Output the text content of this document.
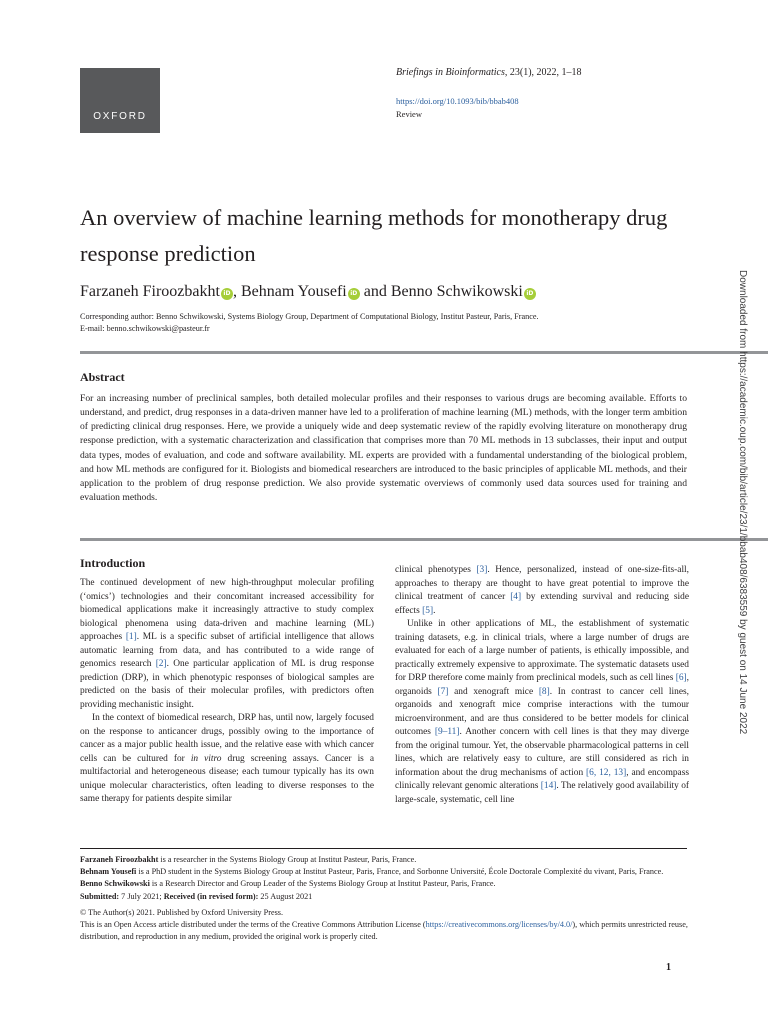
OXFORD
Briefings in Bioinformatics, 23(1), 2022, 1–18
https://doi.org/10.1093/bib/bbab408
Review
An overview of machine learning methods for monotherapy drug response prediction
Farzaneh Firoozbakht iD , Behnam Yousefi iD and Benno Schwikowski iD
Corresponding author: Benno Schwikowski, Systems Biology Group, Department of Computational Biology, Institut Pasteur, Paris, France.
E-mail: benno.schwikowski@pasteur.fr
Abstract

For an increasing number of preclinical samples, both detailed molecular profiles and their responses to various drugs are becoming available. Efforts to understand, and predict, drug responses in a data-driven manner have led to a proliferation of machine learning (ML) methods, with the longer term ambition of predicting clinical drug responses. Here, we provide a uniquely wide and deep systematic review of the rapidly evolving literature on monotherapy drug response prediction, with a systematic characterization and classification that comprises more than 70 ML methods in 13 subclasses, their input and output data types, modes of evaluation, and code and software availability. ML experts are provided with a fundamental understanding of the biological problem, and how ML methods are configured for it. Biologists and biomedical researchers are introduced to the basic principles of applicable ML methods, and their application to the problem of drug response prediction. We also provide systematic overviews of commonly used data sources used for training and evaluation methods.

Introduction

The continued development of new high-throughput molecular profiling (‘omics’) technologies and their concomitant increased accessibility for biomedical applications make it increasingly attractive to study complex biological phenomena using data-driven and machine learning (ML) approaches [1]. ML is a specific subset of artificial intelligence that allows automatic learning from data, and has contributed to a wide range of genomics research [2]. One particular application of ML is drug response prediction (DRP), in which phenotypic responses of biological samples are predicted on the basis of their molecular profiles, with predictors often providing mechanistic insight.

In the context of biomedical research, DRP has, until now, largely focused on the response to anticancer drugs, possibly owing to the importance of cancer as a major public health issue, and the relative ease with which cancer cells can be cultured for in vitro drug screening assays. Cancer is a multifactorial and heterogeneous disease; each tumour typically has its own unique molecular characteristics, often leading to diverse responses to the same therapy for patients despite similar

clinical phenotypes [3]. Hence, personalized, instead of one-size-fits-all, approaches to therapy are thought to have great potential to improve the clinical treatment of cancer [4] by extending survival and reducing side effects [5].

Unlike in other applications of ML, the establishment of systematic training datasets, e.g. in clinical trials, where a large number of drugs are evaluated for each of a large number of patients, is ethically impossible, and practically extremely expensive to approximate. The systematic datasets used for DRP therefore come mainly from preclinical models, such as cell lines [6], organoids [7] and xenograft mice [8]. In contrast to cancer cell lines, organoids and xenograft mice comprise interactions with the tumour microenvironment, and are thus considered to be better models for clinical outcomes [9–11]. Another concern with cell lines is that they may diverge from the original tumour. Yet, the observable pharmacological patterns in cell lines, which are relatively easy to culture, are still considered as rich in information about the drug mechanisms of action [6, 12, 13], and encompass clinically relevant genomic alterations [14]. The relatively good availability of large-scale, systematic, cell line

Farzaneh Firoozbakht is a researcher in the Systems Biology Group at Institut Pasteur, Paris, France.

Behnam Yousefi is a PhD student in the Systems Biology Group at Institut Pasteur, Paris, France, and Sorbonne Université, École Doctorale Complexité du vivant, Paris, France.

Benno Schwikowski is a Research Director and Group Leader of the Systems Biology Group at Institut Pasteur, Paris, France.

Submitted: 7 July 2021; Received (in revised form): 25 August 2021

© The Author(s) 2021. Published by Oxford University Press.

This is an Open Access article distributed under the terms of the Creative Commons Attribution License (https://creativecommons.org/licenses/by/4.0/), which permits unrestricted reuse, distribution, and reproduction in any medium, provided the original work is properly cited.

1
Downloaded from https://academic.oup.com/bib/article/23/1/bbab408/6383559 by guest on 14 June 2022
